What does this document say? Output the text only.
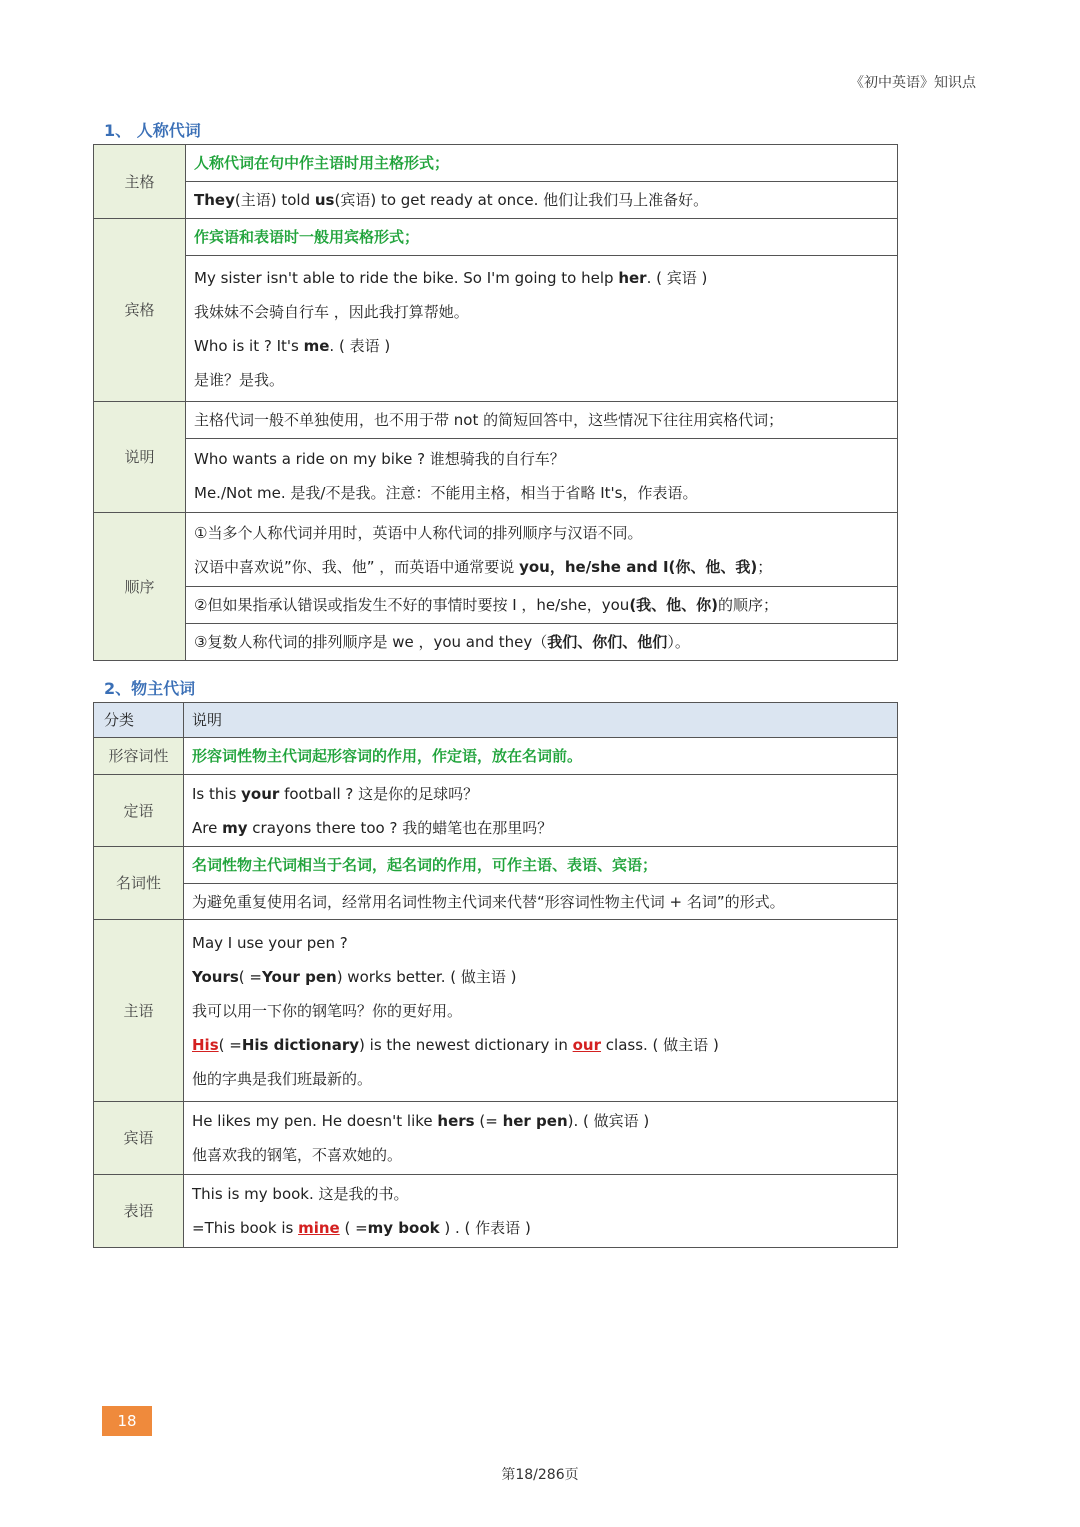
《初中英语》知识点
1、 人称代词
主格	人称代词在句中作主语时用主格形式；
	They(主语) told us(宾语) to get ready at once. 他们让我们马上准备好。
宾格	作宾语和表语时一般用宾格形式；

	My sister isn't able to ride the bike. So I'm going to help her. ( 宾语 )
我妹妹不会骑自行车 ，因此我打算帮她。
Who is it ? It's me. ( 表语 )
是谁？是我。

说明	主格代词一般不单独使用，也不用于带 not 的简短回答中，这些情况下往往用宾格代词；

	Who wants a ride on my bike ? 谁想骑我的自行车？
Me./Not me. 是我/不是我。注意：不能用主格，相当于省略 It's，作表语。

顺序	①当多个人称代词并用时，英语中人称代词的排列顺序与汉语不同。
汉语中喜欢说”你、我、他” ，而英语中通常要说 you，he/she and I(你、他、我)；

	②但如果指承认错误或指发生不好的事情时要按 I ，he/she，you(我、他、你)的顺序；
	③复数人称代词的排列顺序是 we ，you and they（我们、你们、他们）。
2、物主代词
分类	说明
形容词性	形容词性物主代词起形容词的作用，作定语，放在名词前。
定语	Is this your football ? 这是你的足球吗？
Are my crayons there too ? 我的蜡笔也在那里吗？

名词性	名词性物主代词相当于名词，起名词的作用，可作主语、表语、宾语；
	为避免重复使用名词，经常用名词性物主代词来代替“形容词性物主代词 + 名词”的形式。
主语	May I use your pen ?
Yours( =Your pen) works better. ( 做主语 )
我可以用一下你的钢笔吗？你的更好用。
His( =His dictionary) is the newest dictionary in our class. ( 做主语 )
他的字典是我们班最新的。

宾语	He likes my pen. He doesn't like hers (= her pen). ( 做宾语 )
他喜欢我的钢笔，不喜欢她的。

表语	This is my book. 这是我的书。
=This book is mine ( =my book ) . ( 作表语 )
18
第18/286页
